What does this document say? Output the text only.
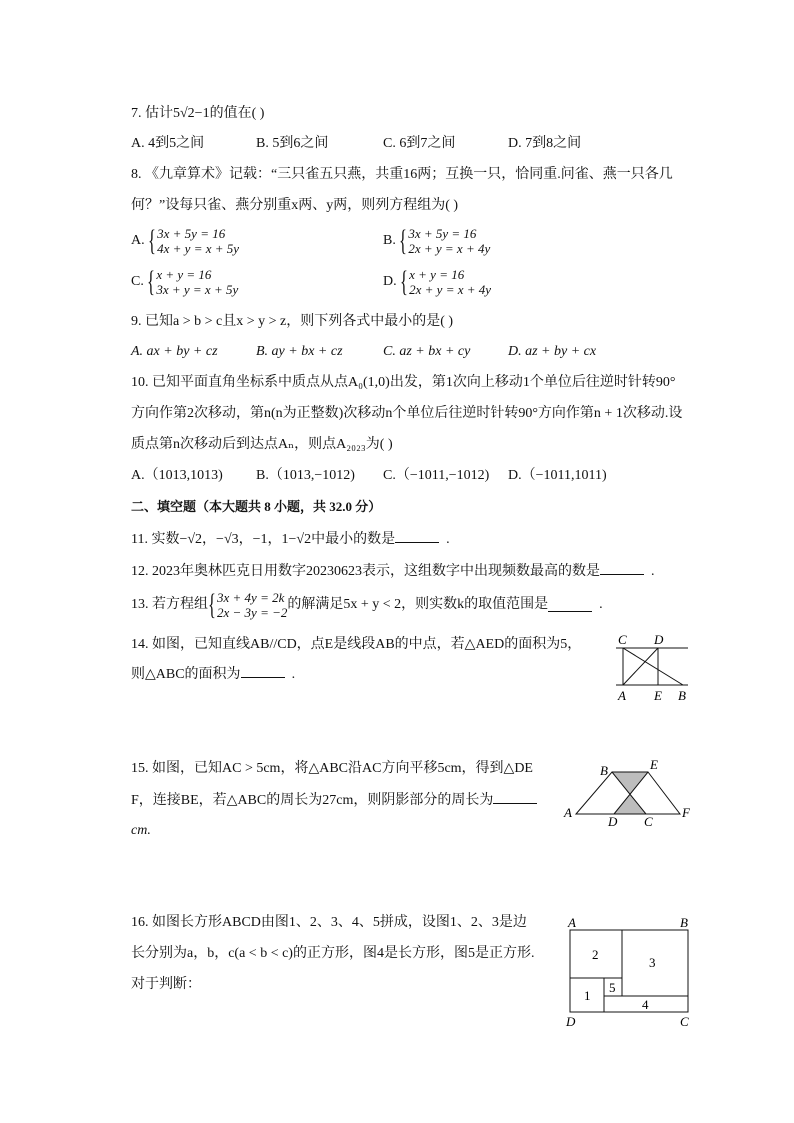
7. 估计5√2−1的值在( )
A. 4到5之间	B. 5到6之间	C. 6到7之间	D. 7到8之间
8. 《九章算术》记载：“三只雀五只燕，共重16两；互换一只，恰同重.问雀、燕一只各几
何？”设每只雀、燕分别重x两、y两，则列方程组为( )
A. { 3x + 5y = 16
4x + y = x + 5y
B. { 3x + 5y = 16
2x + y = x + 4y
C. { x + y = 16
3x + y = x + 5y
D. { x + y = 16
2x + y = x + 4y
9. 已知a > b > c且x > y > z，则下列各式中最小的是( )
A. ax + by + cz	B. ay + bx + cz	C. az + bx + cy	D. az + by + cx
10. 已知平面直角坐标系中质点从点A₀(1,0)出发，第1次向上移动1个单位后往逆时针转90°
方向作第2次移动，第n(n为正整数)次移动n个单位后往逆时针转90°方向作第n + 1次移动.设
质点第n次移动后到达点Aₙ，则点A₂₀₂₃为( )
A.（1013,1013) B.（1013,−1012) C.（−1011,−1012) D.（−1011,1011)
二、填空题（本大题共 8 小题，共 32.0 分）
11. 实数−√2，−√3，−1，1−√2中最小的数是	.
12. 2023年奥林匹克日用数字20230623表示，这组数字中出现频数最高的数是	.
13. 若方程组 { 3x + 4y = 2k
2x − 3y = −2
的解满足5x + y < 2，则实数k的取值范围是	.
14. 如图，已知直线AB//CD，点E是线段AB的中点，若△AED的面积为5，
则△ABC的面积为	.
C D
A E B
15. 如图，已知AC > 5cm，将△ABC沿AC方向平移5cm，得到△DE
F，连接BE，若△ABC的周长为27cm，则阴影部分的周长为
cm.
A
B	E
D C
F
16. 如图长方形ABCD由图1、2、3、4、5拼成，设图1、2、3是边
长分别为a，b，c(a < b < c)的正方形，图4是长方形，图5是正方形.
对于判断：
A	B
D	C
2
3
1
5
4
